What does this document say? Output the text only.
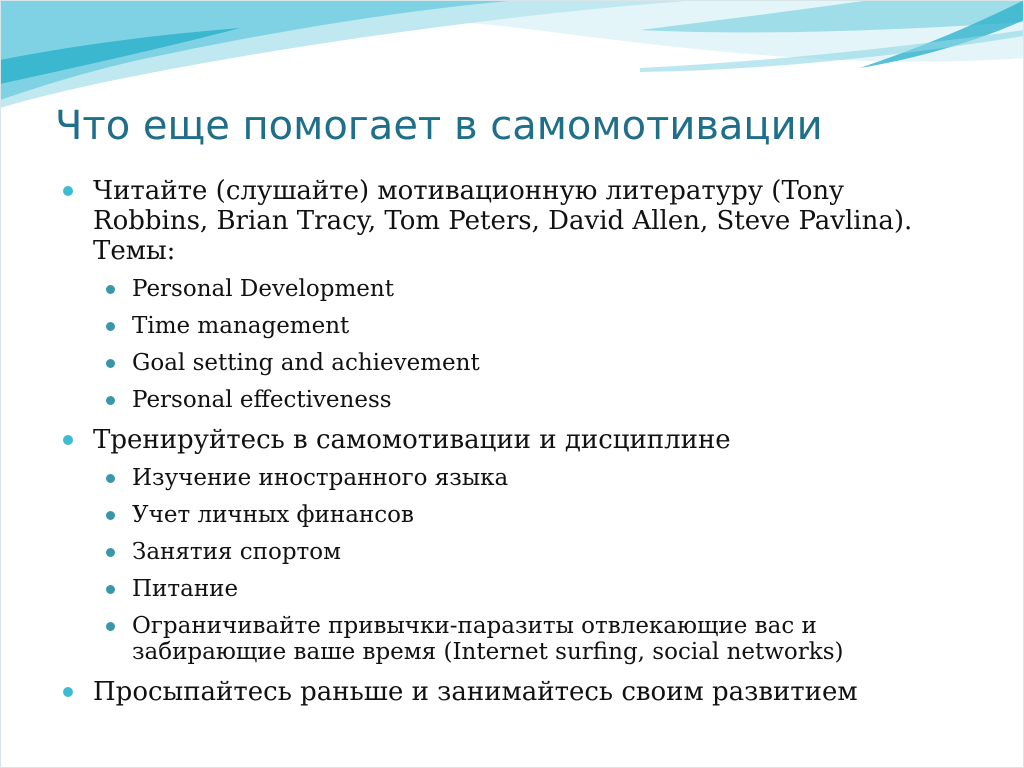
Что еще помогает в самомотивации
Читайте (слушайте) мотивационную литературу (Tony Robbins, Brian Tracy, Tom Peters, David Allen, Steve Pavlina). Темы:
Personal Development
Time management
Goal setting and achievement
Personal effectiveness
Тренируйтесь в самомотивации и дисциплине
Изучение иностранного языка
Учет личных финансов
Занятия спортом
Питание
Ограничивайте привычки-паразиты отвлекающие вас и забирающие ваше время (Internet surfing, social networks)
Просыпайтесь раньше и занимайтесь своим развитием
